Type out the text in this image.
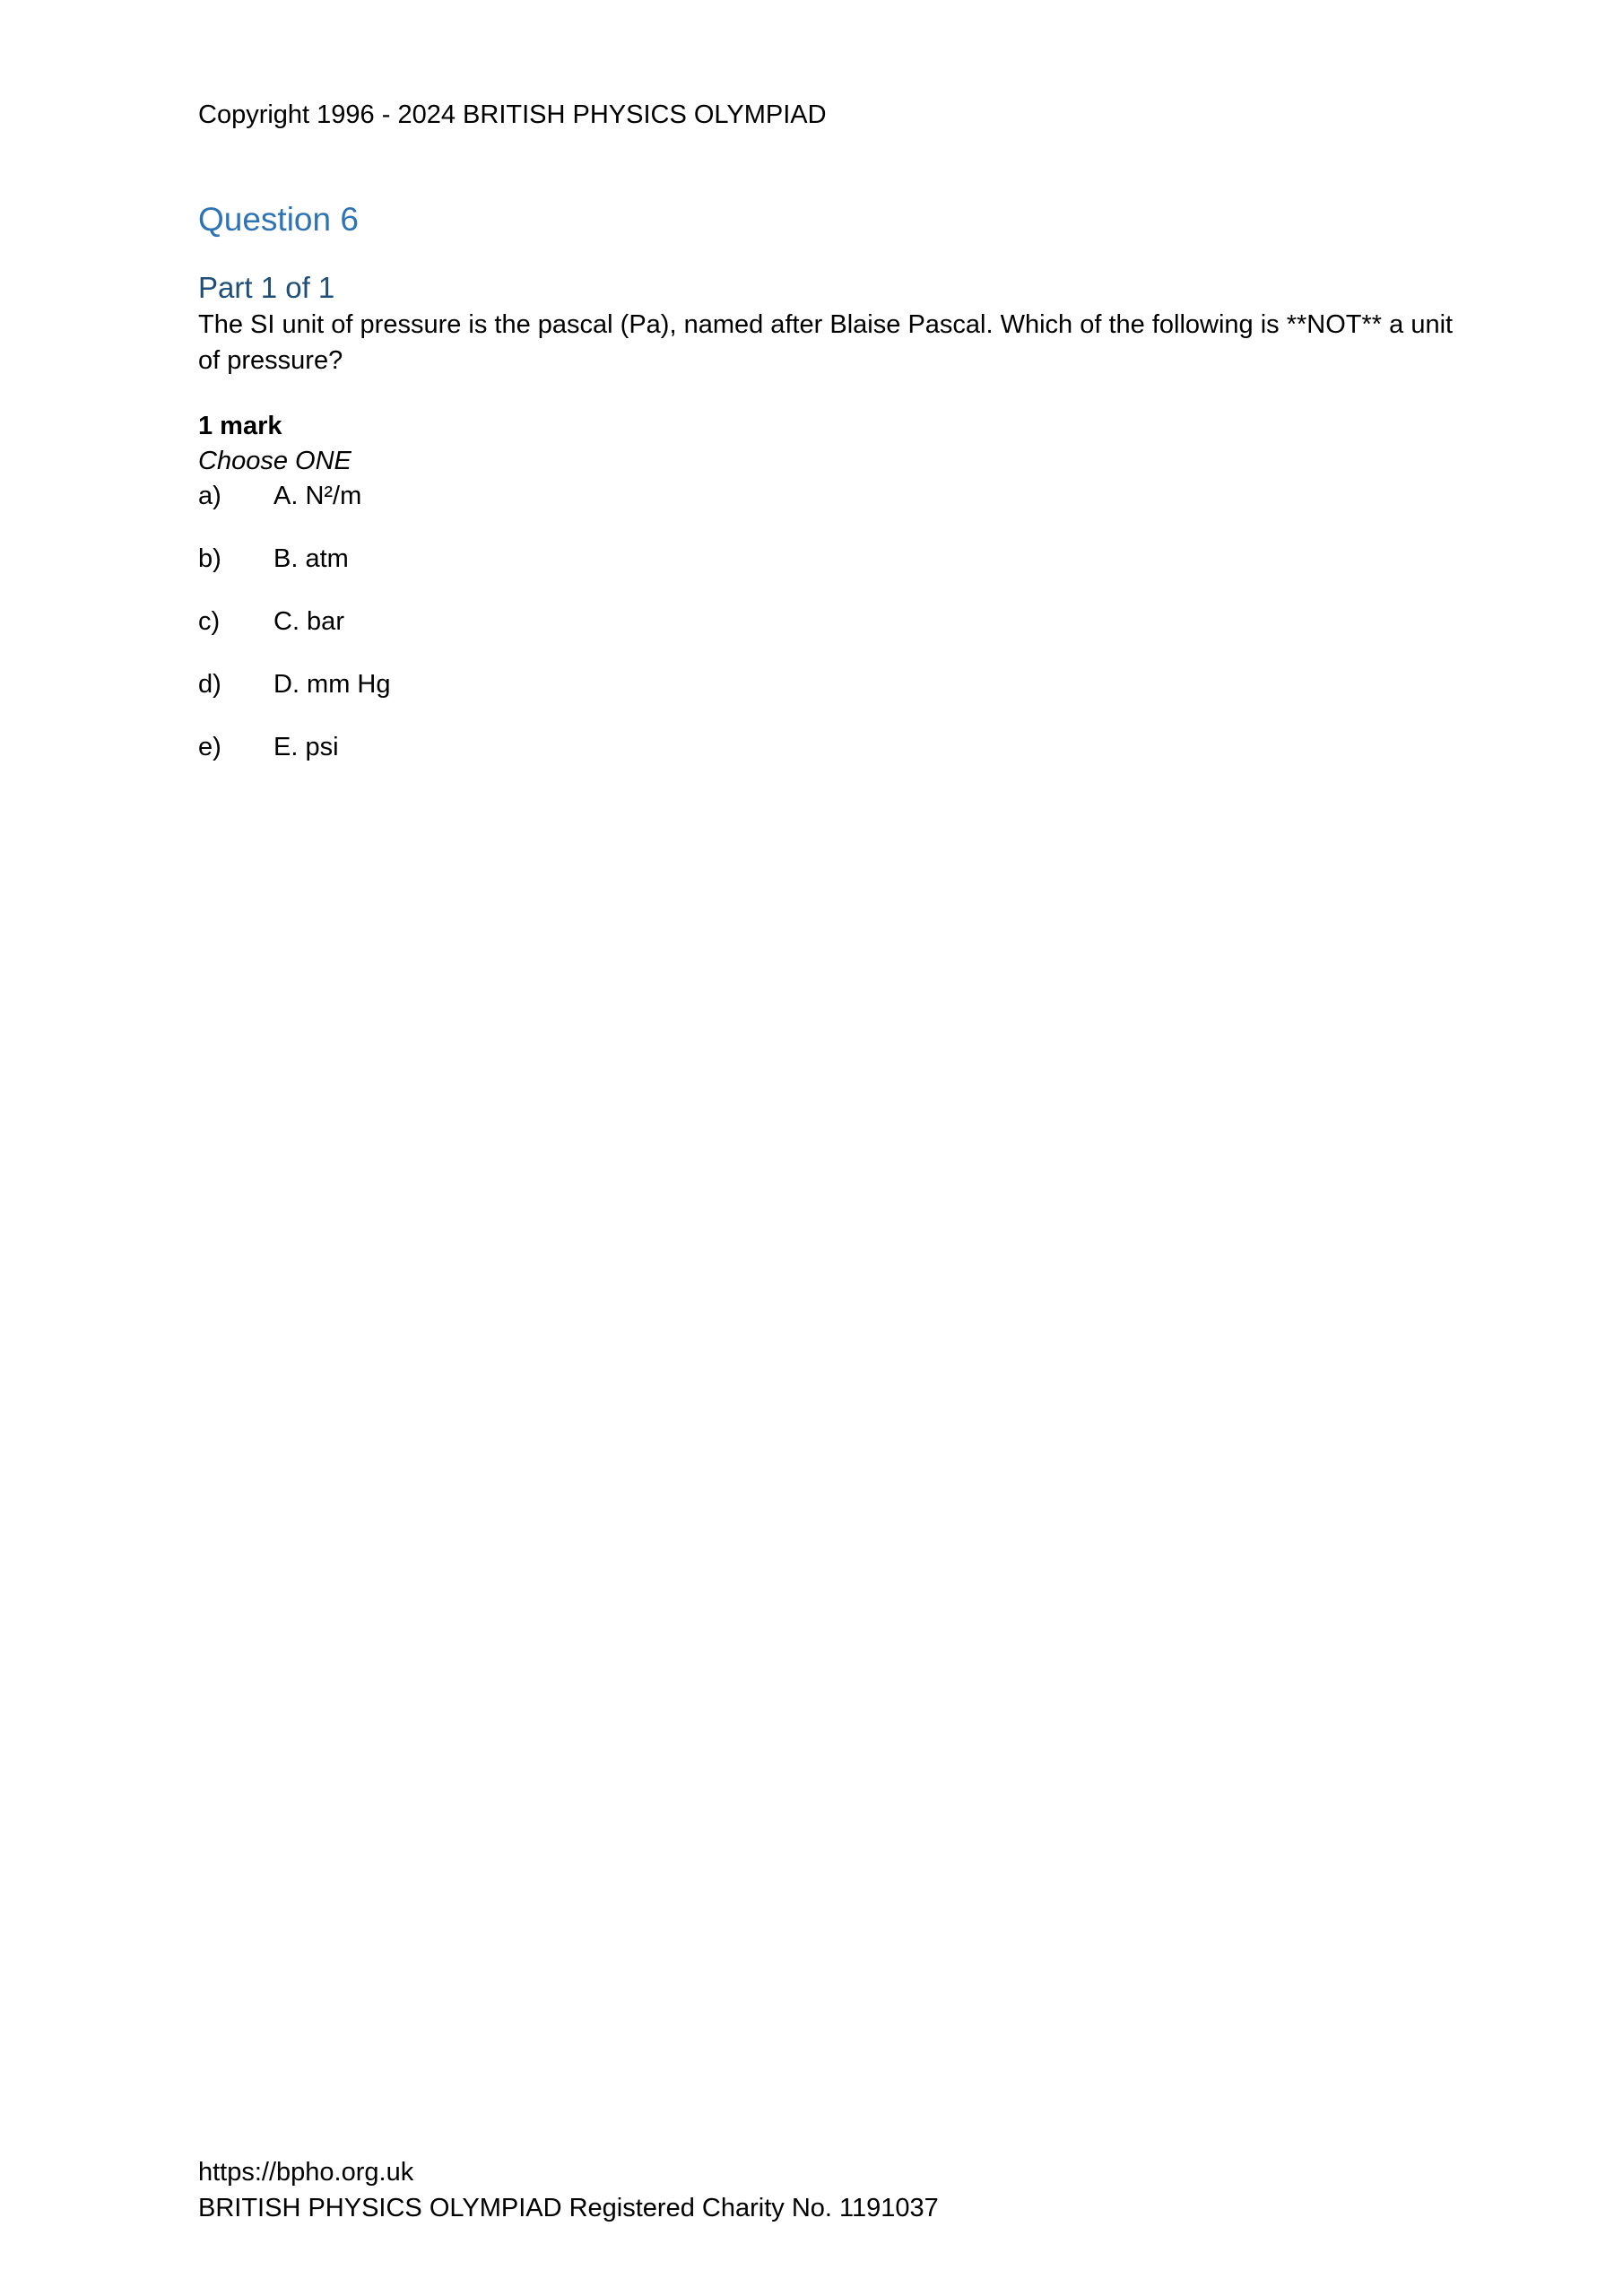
Copyright 1996 - 2024 BRITISH PHYSICS OLYMPIAD
Question 6
Part 1 of 1
The SI unit of pressure is the pascal (Pa), named after Blaise Pascal. Which of the following is **NOT** a unit of pressure?
1 mark
Choose ONE
a) A. N²/m
b) B. atm
c) C. bar
d) D. mm Hg
e) E. psi
https://bpho.org.uk
BRITISH PHYSICS OLYMPIAD Registered Charity No. 1191037
